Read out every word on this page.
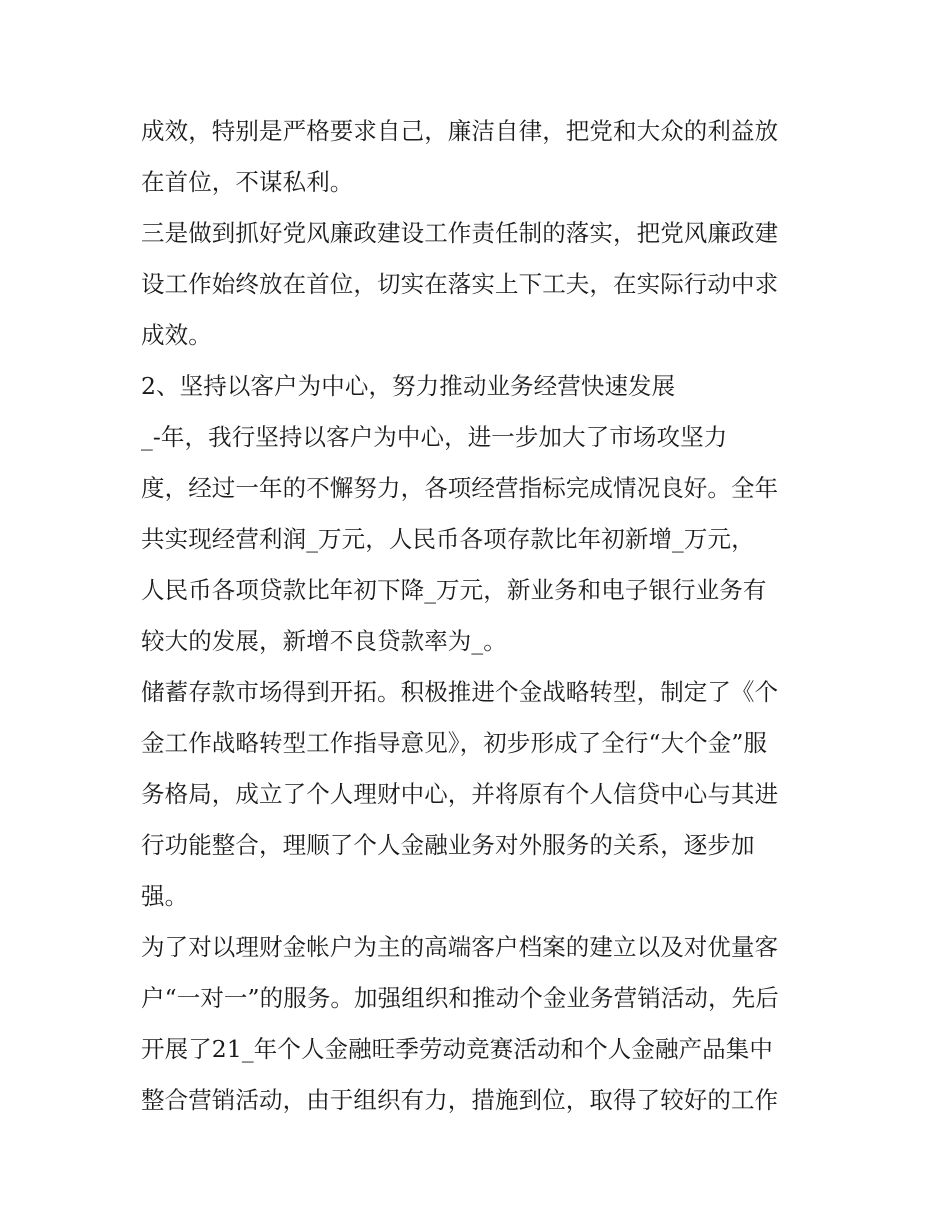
成效，特别是严格要求自己，廉洁自律，把党和大众的利益放
在首位，不谋私利。
三是做到抓好党风廉政建设工作责任制的落实，把党风廉政建
设工作始终放在首位，切实在落实上下工夫，在实际行动中求
成效。
2、坚持以客户为中心，努力推动业务经营快速发展
_-年，我行坚持以客户为中心，进一步加大了市场攻坚力
度，经过一年的不懈努力，各项经营指标完成情况良好。全年
共实现经营利润_万元，人民币各项存款比年初新增_万元，
人民币各项贷款比年初下降_万元，新业务和电子银行业务有
较大的发展，新增不良贷款率为_。
储蓄存款市场得到开拓。积极推进个金战略转型，制定了《个
金工作战略转型工作指导意见》，初步形成了全行“大个金”服
务格局，成立了个人理财中心，并将原有个人信贷中心与其进
行功能整合，理顺了个人金融业务对外服务的关系，逐步加
强。
为了对以理财金帐户为主的高端客户档案的建立以及对优量客
户“一对一”的服务。加强组织和推动个金业务营销活动，先后
开展了21_年个人金融旺季劳动竞赛活动和个人金融产品集中
整合营销活动，由于组织有力，措施到位，取得了较好的工作
